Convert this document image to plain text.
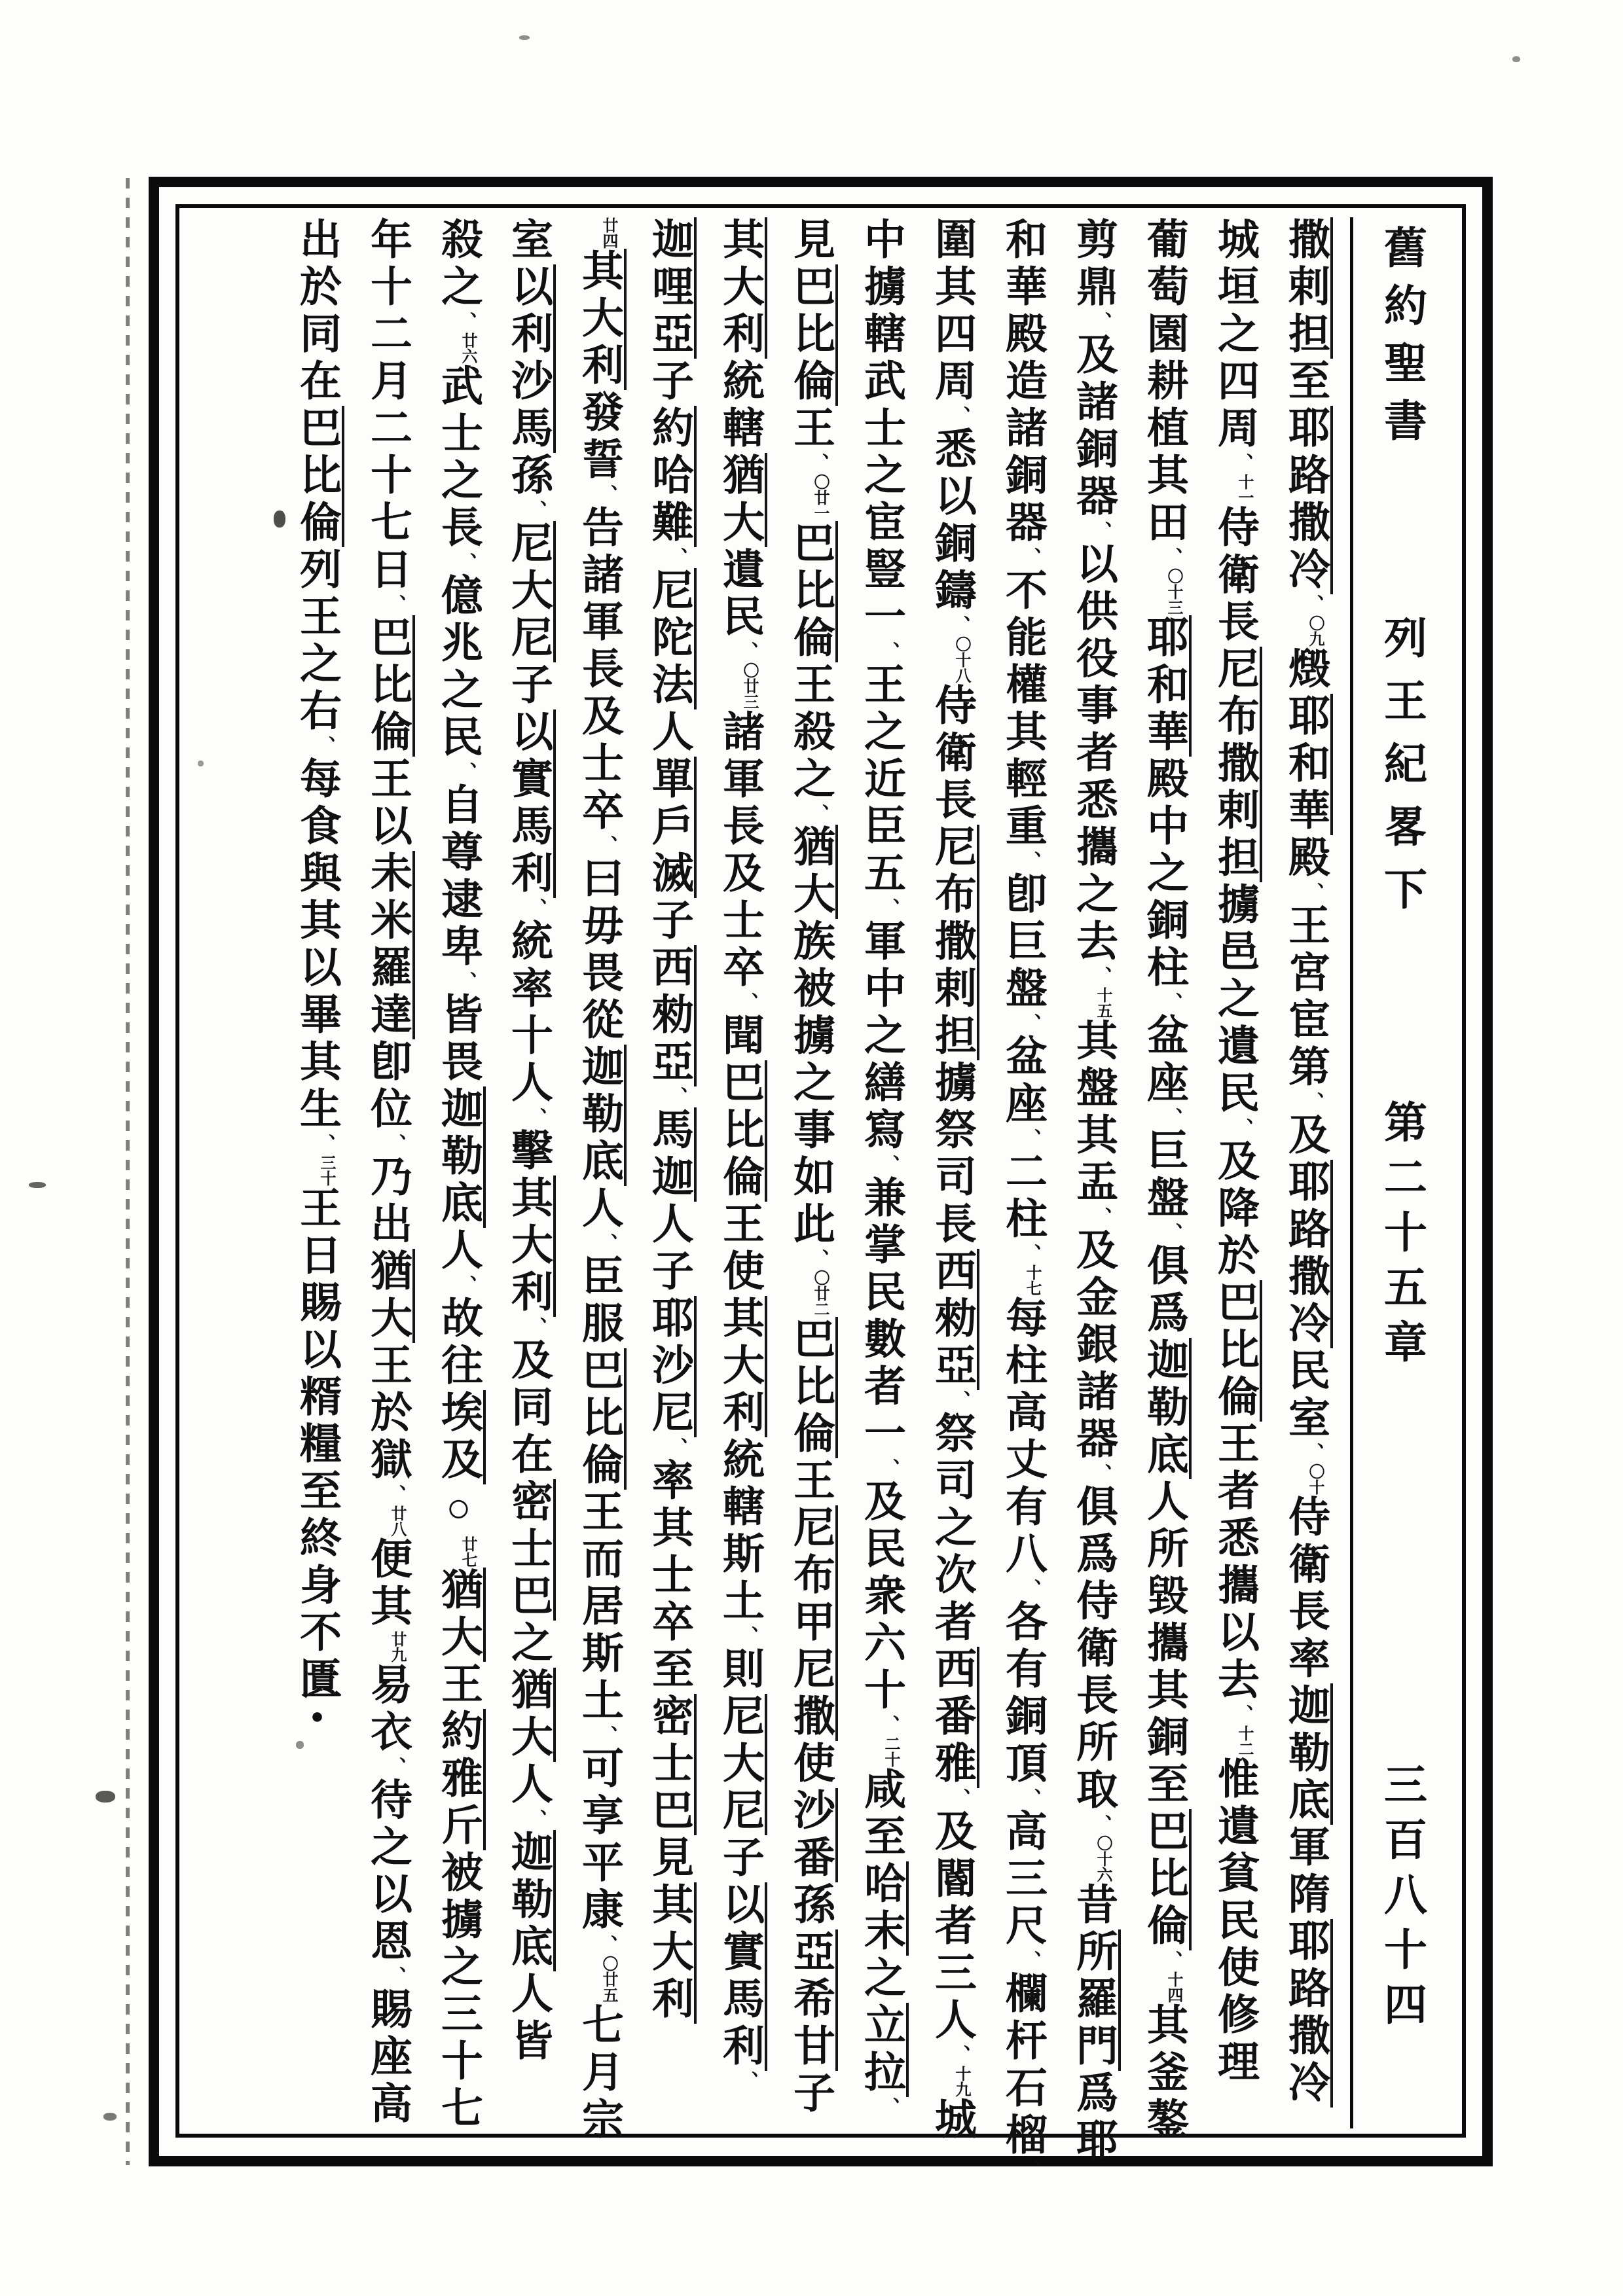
舊約聖書
列王紀畧下
第二十五章
三百八十四
撒剌担至耶路撒冷、〇九燬耶和華殿、王宮宦第、及耶路撒冷民室、〇十侍衛長率迦勒底軍隋耶路撒冷
城垣之四周、十一侍衛長尼布撒剌担擄邑之遺民、及降於巴比倫王者悉攜以去、十二惟遺貧民使修理
葡萄園耕植其田、〇十三耶和華殿中之銅柱、盆座、巨盤、俱爲迦勒底人所毀攜其銅至巴比倫、十四其釜鏊
剪鼎、及諸銅器、以供役事者悉攜之去、十五其盤其盂、及金銀諸器、俱爲侍衛長所取、〇十六昔所羅門爲耶
和華殿造諸銅器、不能權其輕重、卽巨盤、盆座、二柱、十七每柱高丈有八、各有銅頂、高三尺、欄杆石榴、
圍其四周、悉以銅鑄、〇十八侍衛長尼布撒剌担擄祭司長西勑亞、祭司之次者西番雅、及閽者三人、十九城
中擄轄武士之宦豎一、王之近臣五、軍中之繕寫、兼掌民數者一、及民衆六十、二十咸至哈末之立拉、
見巴比倫王、〇廿一巴比倫王殺之、猶大族被擄之事如此、〇廿二巴比倫王尼布甲尼撒使沙番孫亞希甘子
其大利統轄猶大遺民、〇廿三諸軍長及士卒、聞巴比倫王使其大利統轄斯土、則尼大尼子以實馬利、
迦哩亞子約哈難、尼陀法人單戶滅子西勑亞、馬迦人子耶沙尼、率其士卒至密士巴見其大利
廿四其大利發誓、告諸軍長及士卒、曰毋畏從迦勒底人、臣服巴比倫王而居斯土、可享平康、〇廿五七月宗
室以利沙馬孫、尼大尼子以實馬利、統率十人、擊其大利、及同在密士巴之猶大人、迦勒底人皆
殺之、廿六武士之長、億兆之民、自尊逮卑、皆畏迦勒底人、故往埃及○廿七猶大王約雅斤被擄之三十七
年十二月二十七日、巴比倫王以未米羅達卽位、乃出猶大王於獄、廿八便其廿九易衣、待之以恩、賜座高
出於同在巴比倫列王之右、每食與其以畢其生、三十王日賜以糈糧至終身不匱●
